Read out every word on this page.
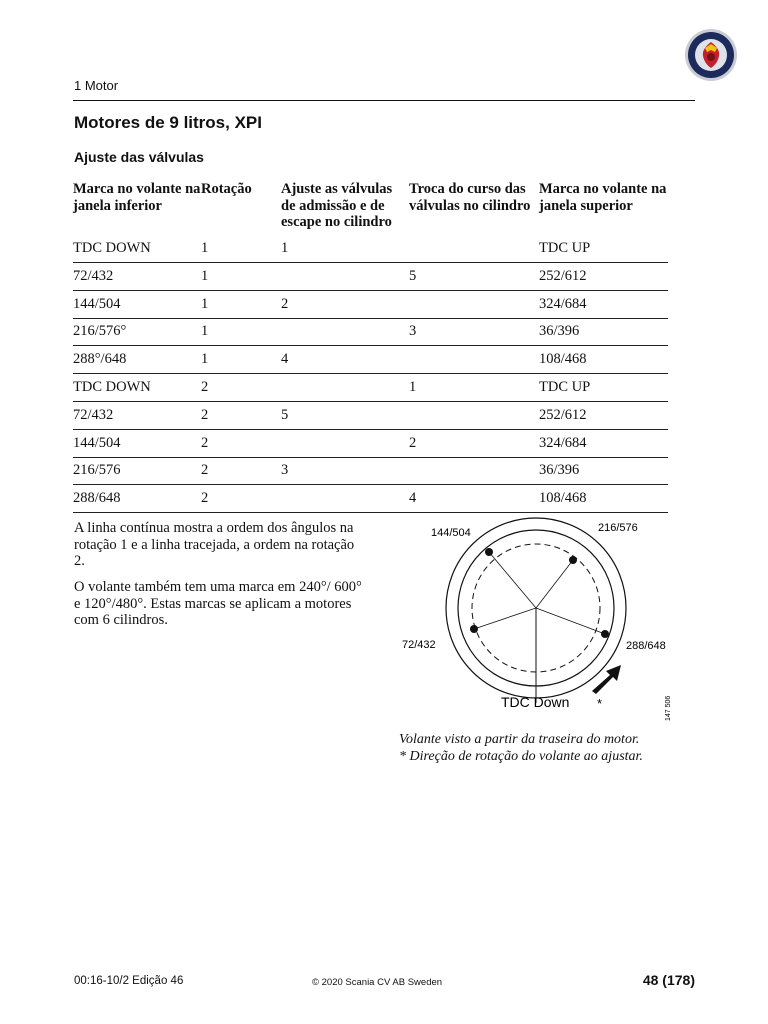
1 Motor
Motores de 9 litros, XPI
Ajuste das válvulas
Marca no volante na janela inferior	Rotação	Ajuste as válvulas de admissão e de escape no cilindro	Troca do curso das válvulas no cilindro	Marca no volante na janela superior
TDC DOWN	1	1		TDC UP
72/432	1		5	252/612
144/504	1	2		324/684
216/576°	1		3	36/396
288°/648	1	4		108/468
TDC DOWN	2		1	TDC UP
72/432	2	5		252/612
144/504	2		2	324/684
216/576	2	3		36/396
288/648	2		4	108/468
A linha contínua mostra a ordem dos ângulos na rotação 1 e a linha tracejada, a ordem na rotação 2.
O volante também tem uma marca em 240°/ 600° e 120°/480°. Estas marcas se aplicam a motores com 6 cilindros.
144/504	216/576
72/432	288/648
TDC Down *	147 506
Volante visto a partir da traseira do motor.
* Direção de rotação do volante ao ajustar.
00:16-10/2 Edição 46	© 2020 Scania CV AB Sweden	48 (178)
